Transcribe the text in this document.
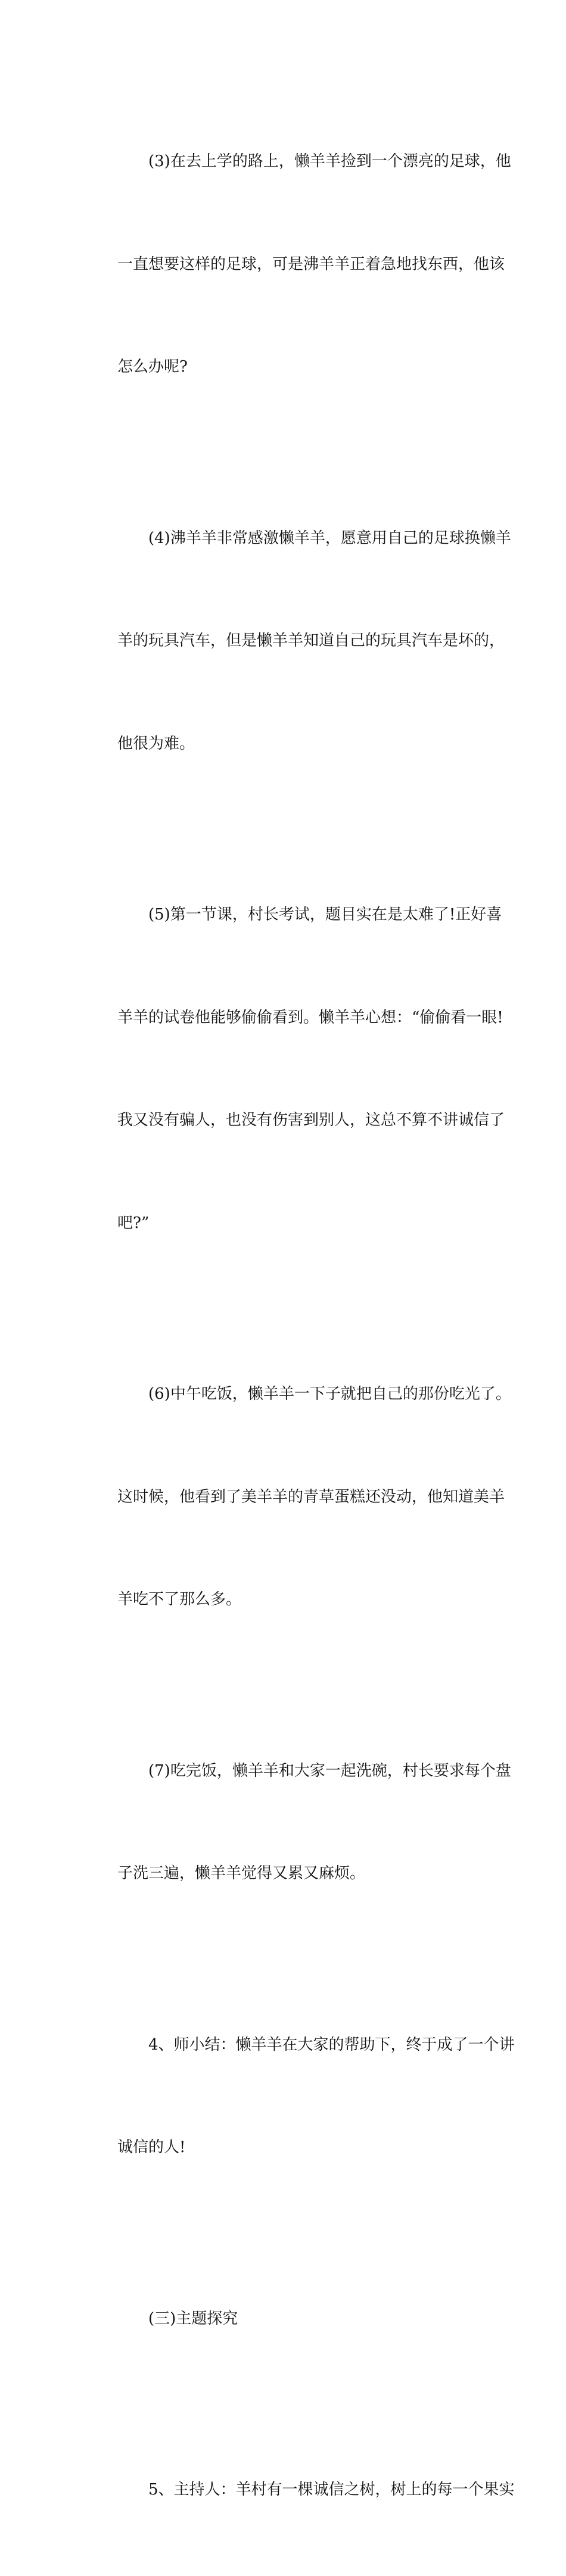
(3)在去上学的路上，懒羊羊捡到一个漂亮的足球，他

一直想要这样的足球，可是沸羊羊正着急地找东西，他该

怎么办呢?

(4)沸羊羊非常感激懒羊羊，愿意用自己的足球换懒羊

羊的玩具汽车，但是懒羊羊知道自己的玩具汽车是坏的，

他很为难。

(5)第一节课，村长考试，题目实在是太难了!正好喜

羊羊的试卷他能够偷偷看到。懒羊羊心想：“偷偷看一眼!

我又没有骗人，也没有伤害到别人，这总不算不讲诚信了

吧?”

(6)中午吃饭，懒羊羊一下子就把自己的那份吃光了。

这时候，他看到了美羊羊的青草蛋糕还没动，他知道美羊

羊吃不了那么多。

(7)吃完饭，懒羊羊和大家一起洗碗，村长要求每个盘

子洗三遍，懒羊羊觉得又累又麻烦。

4、师小结：懒羊羊在大家的帮助下，终于成了一个讲

诚信的人!

(三)主题探究

5、主持人：羊村有一棵诚信之树，树上的每一个果实
